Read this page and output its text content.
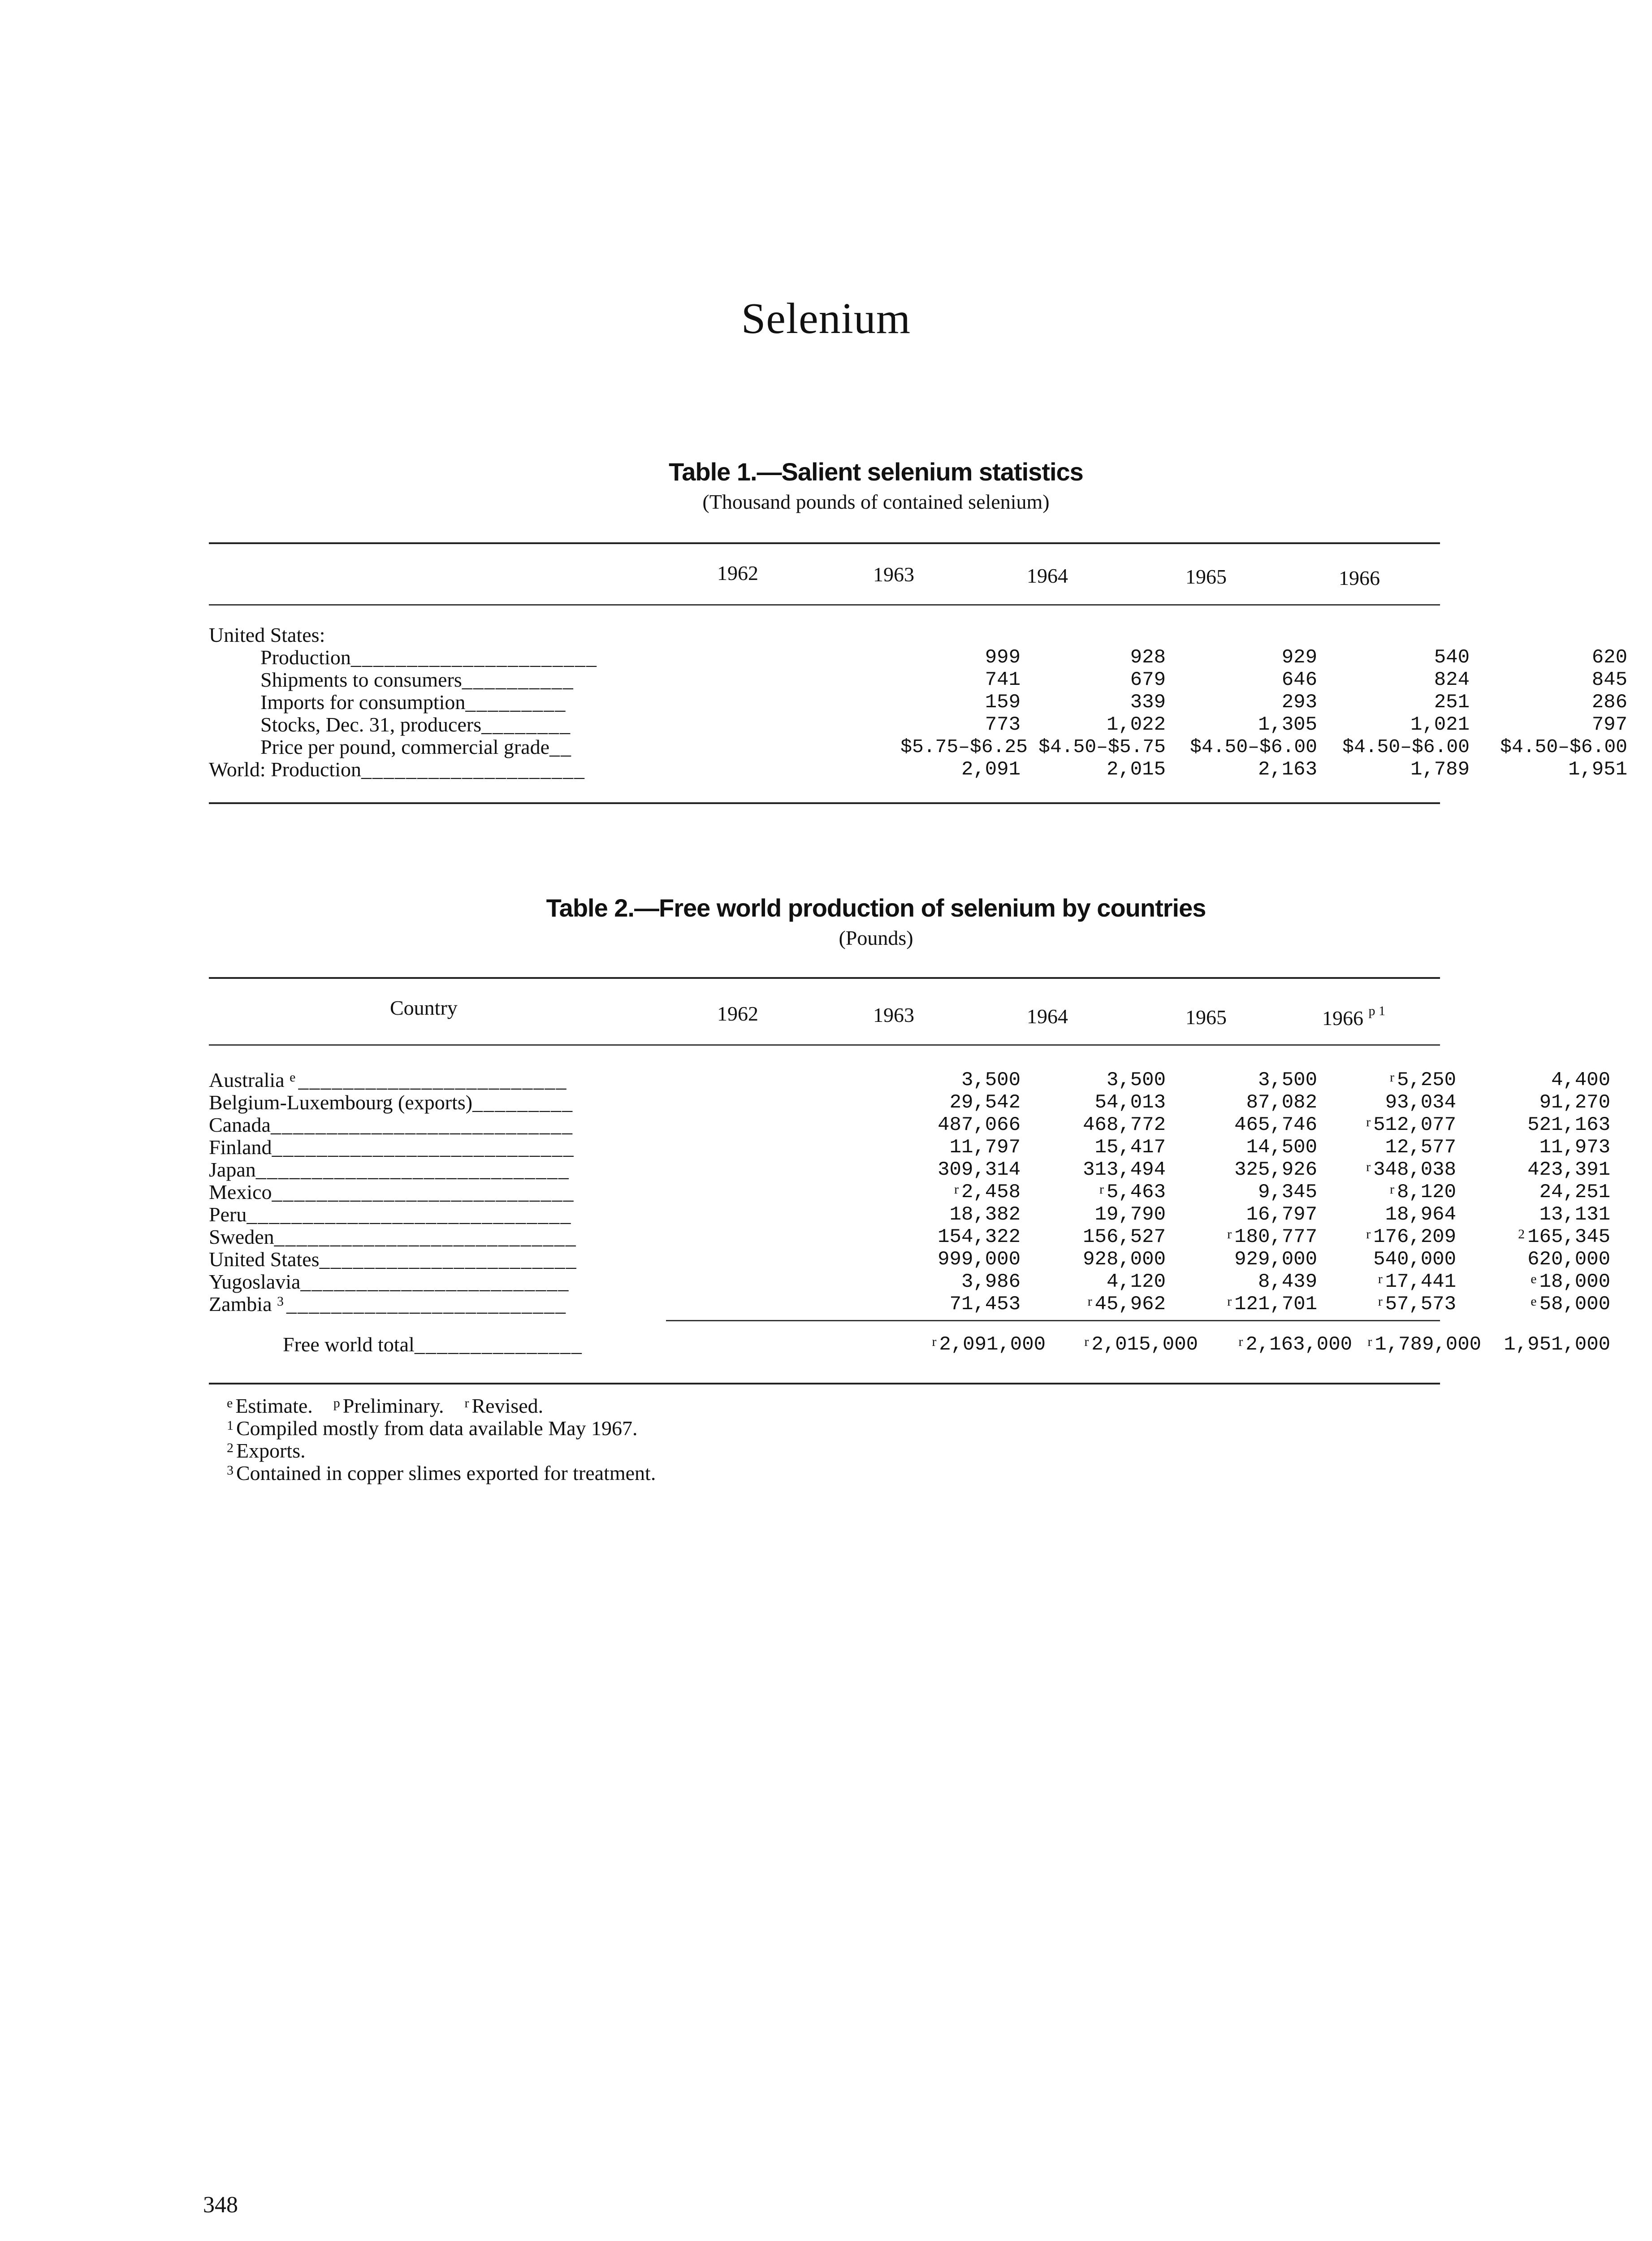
Selenium
Table 1.—Salient selenium statistics
(Thousand pounds of contained selenium)
1962	1963	1964	1965	1966
United States:
Production______________________	999	928	929	540	620
Shipments to consumers__________	741	679	646	824	845
Imports for consumption_________	159	339	293	251	286
Stocks, Dec. 31, producers________	773	1,022	1,305	1,021	797
Price per pound, commercial grade__	$5.75–$6.25 $4.50–$5.75 $4.50–$6.00 $4.50–$6.00 $4.50–$6.00
World: Production____________________	2,091	2,015	2,163	1,789	1,951
Table 2.—Free world production of selenium by countries
(Pounds)
Country	1962	1963	1964	1965	1966 $^{p 1}$
Australia $^e$ ________________________	3,500	3,500	3,500	$^r$ 5,250	4,400
Belgium-Luxembourg (exports)_________	29,542	54,013	87,082	93,034	91,270
Canada___________________________	487,066	468,772	465,746	$^r$ 512,077	521,163
Finland___________________________	11,797	15,417	14,500	12,577	11,973
Japan____________________________	309,314	313,494	325,926	$^r$ 348,038	423,391
Mexico___________________________	$^r$ 2,458	$^r$ 5,463	9,345	$^r$ 8,120	24,251
Peru_____________________________	18,382	19,790	16,797	18,964	13,131
Sweden___________________________	154,322	156,527	$^r$ 180,777	$^r$ 176,209	$^2$ 165,345
United States_______________________	999,000	928,000	929,000	540,000	620,000
Yugoslavia________________________	3,986	4,120	8,439	$^r$ 17,441	$^e$ 18,000
Zambia $^3$ _________________________	71,453	$^r$ 45,962	$^r$ 121,701	$^r$ 57,573	$^e$ 58,000
Free world total_______________	$^r$ 2,091,000	$^r$ 2,015,000	$^r$ 2,163,000 $^r$ 1,789,000 1,951,000
$^e$ Estimate. $^p$ Preliminary. $^r$ Revised.
$^1$ Compiled mostly from data available May 1967.
$^2$ Exports.
$^3$ Contained in copper slimes exported for treatment.
348
